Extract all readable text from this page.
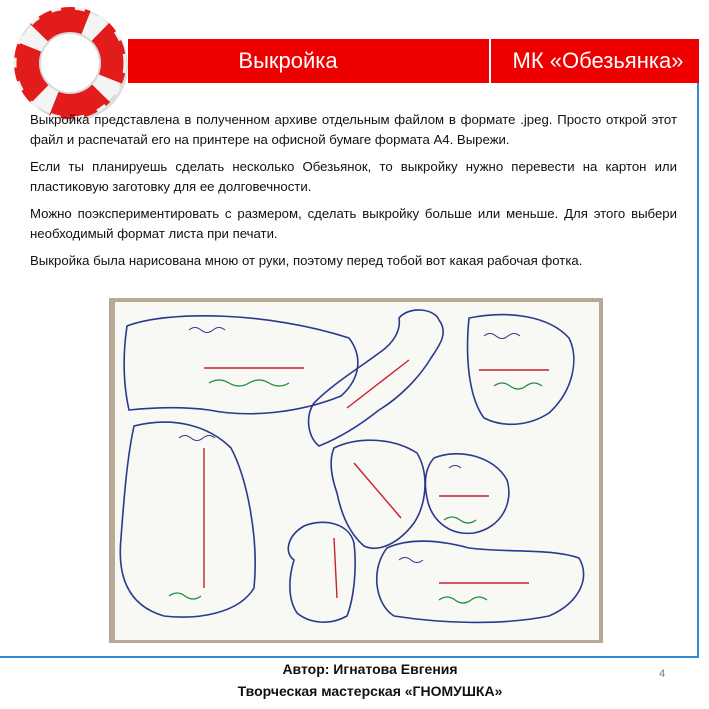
Выкройка	МК «Обезьянка»

Выкройка представлена в полученном архиве отдельным файлом в формате .jpeg. Просто открой этот файл и распечатай его на принтере на офисной бумаге формата А4. Вырежи.

Если ты планируешь сделать несколько Обезьянок, то выкройку нужно перевести на картон или пластиковую заготовку для ее долговечности.

Можно поэкспериментировать с размером, сделать выкройку больше или меньше. Для этого выбери необходимый формат листа при печати.

Выкройка была нарисована мною от руки, поэтому перед тобой вот какая рабочая фотка.

Автор: Игнатова Евгения
Творческая мастерская «ГНОМУШКА»
4
